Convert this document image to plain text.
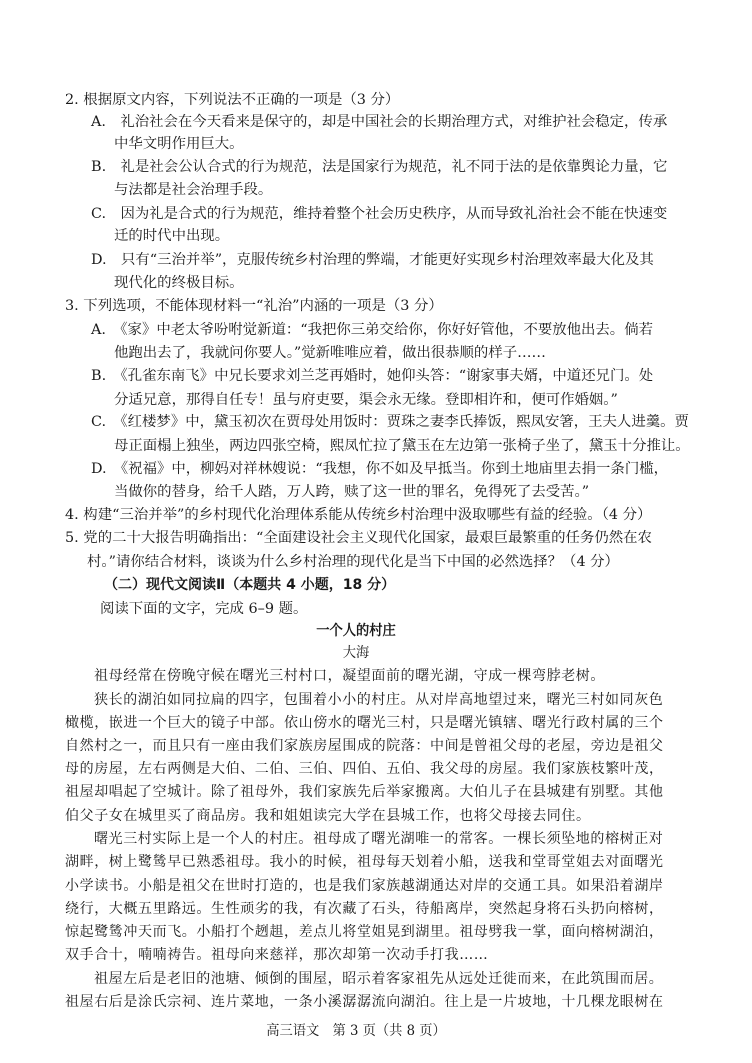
2. 根据原文内容，下列说法不正确的一项是（3 分）
A.　礼治社会在今天看来是保守的，却是中国社会的长期治理方式，对维护社会稳定，传承
中华文明作用巨大。
B.　礼是社会公认合式的行为规范，法是国家行为规范，礼不同于法的是依靠舆论力量，它
与法都是社会治理手段。
C.　因为礼是合式的行为规范，维持着整个社会历史秩序，从而导致礼治社会不能在快速变
迁的时代中出现。
D.　只有“三治并举”，克服传统乡村治理的弊端，才能更好实现乡村治理效率最大化及其
现代化的终极目标。
3. 下列选项，不能体现材料一“礼治”内涵的一项是（3 分）
A.　《家》中老太爷吩咐觉新道：“我把你三弟交给你，你好好管他，不要放他出去。倘若
他跑出去了，我就问你要人。”觉新唯唯应着，做出很恭顺的样子……
B.　《孔雀东南飞》中兄长要求刘兰芝再婚时，她仰头答：“谢家事夫婿，中道还兄门。处
分适兄意，那得自任专！虽与府吏要，渠会永无缘。登即相许和，便可作婚姻。”
C.　《红楼梦》中，黛玉初次在贾母处用饭时：贾珠之妻李氏捧饭，熙凤安箸，王夫人进羹。贾
母正面榻上独坐，两边四张空椅，熙凤忙拉了黛玉在左边第一张椅子坐了，黛玉十分推让。
D.　《祝福》中，柳妈对祥林嫂说：“我想，你不如及早抵当。你到土地庙里去捐一条门槛，
当做你的替身，给千人踏，万人跨，赎了这一世的罪名，免得死了去受苦。”
4. 构建“三治并举”的乡村现代化治理体系能从传统乡村治理中汲取哪些有益的经验。（4 分）
5. 党的二十大报告明确指出：“全面建设社会主义现代化国家，最艰巨最繁重的任务仍然在农
村。”请你结合材料，谈谈为什么乡村治理的现代化是当下中国的必然选择？（4 分）
（二）现代文阅读Ⅱ（本题共 4 小题，18 分）
阅读下面的文字，完成 6–9 题。
一个人的村庄
大海
祖母经常在傍晚守候在曙光三村村口，凝望面前的曙光湖，守成一棵弯脖老树。
狭长的湖泊如同拉扁的四字，包围着小小的村庄。从对岸高地望过来，曙光三村如同灰色
橄榄，嵌进一个巨大的镜子中部。依山傍水的曙光三村，只是曙光镇辖、曙光行政村属的三个
自然村之一，而且只有一座由我们家族房屋围成的院落：中间是曾祖父母的老屋，旁边是祖父
母的房屋，左右两侧是大伯、二伯、三伯、四伯、五伯、我父母的房屋。我们家族枝繁叶茂，
祖屋却唱起了空城计。除了祖母外，我们家族先后举家搬离。大伯儿子在县城建有别墅。其他
伯父子女在城里买了商品房。我和姐姐读完大学在县城工作，也将父母接去同住。
曙光三村实际上是一个人的村庄。祖母成了曙光湖唯一的常客。一棵长须坠地的榕树正对
湖畔，树上鹭鸶早已熟悉祖母。我小的时候，祖母每天划着小船，送我和堂哥堂姐去对面曙光
小学读书。小船是祖父在世时打造的，也是我们家族越湖通达对岸的交通工具。如果沿着湖岸
绕行，大概五里路远。生性顽劣的我，有次藏了石头，待船离岸，突然起身将石头扔向榕树，
惊起鹭鸶冲天而飞。小船打个趔趄，差点儿将堂姐晃到湖里。祖母劈我一掌，面向榕树湖泊，
双手合十，喃喃祷告。祖母向来慈祥，那次却第一次动手打我……
祖屋左后是老旧的池塘、倾倒的围屋，昭示着客家祖先从远处迁徙而来，在此筑围而居。
祖屋右后是涂氏宗祠、连片菜地，一条小溪潺潺流向湖泊。往上是一片坡地，十几棵龙眼树在
高三语文　第 3 页（共 8 页）
